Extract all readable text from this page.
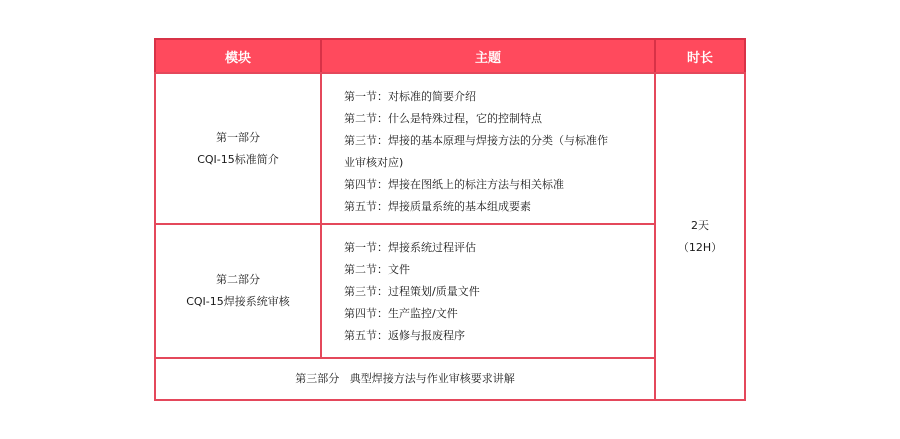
模块	主题	时长
第一部分
CQI-15标准简介
第一节：对标准的简要介绍
第二节：什么是特殊过程，它的控制特点
第三节：焊接的基本原理与焊接方法的分类（与标准作
业审核对应)
第四节：焊接在图纸上的标注方法与相关标准
第五节：焊接质量系统的基本组成要素
第二部分
CQI-15焊接系统审核
第一节：焊接系统过程评估
第二节：文件
第三节：过程策划/质量文件
第四节：生产监控/文件
第五节：返修与报废程序
第三部分   典型焊接方法与作业审核要求讲解
2天
（12H）
